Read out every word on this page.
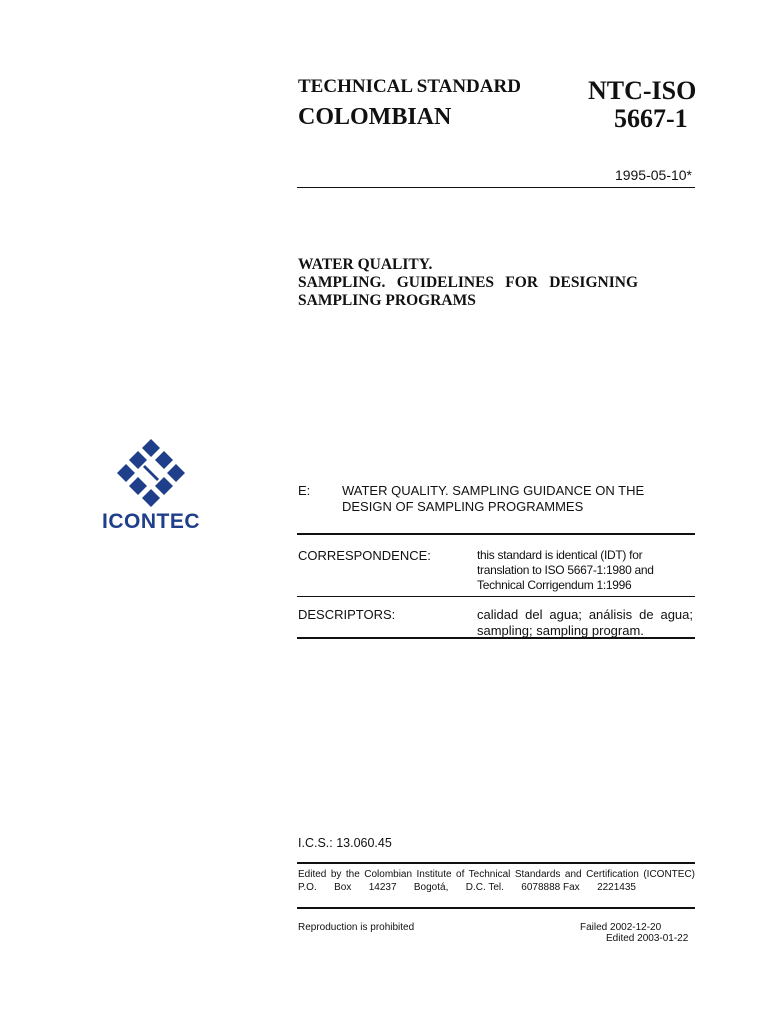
TECHNICAL STANDARD
COLOMBIAN
NTC-ISO
5667-1
1995-05-10*
WATER QUALITY.
SAMPLING. GUIDELINES FOR DESIGNING
SAMPLING PROGRAMS
ICONTEC
E: WATER QUALITY. SAMPLING GUIDANCE ON THE DESIGN OF SAMPLING PROGRAMMES
CORRESPONDENCE:	this standard is identical (IDT) for
translation to ISO 5667-1:1980 and
Technical Corrigendum 1:1996
DESCRIPTORS:	calidad del agua; análisis de agua; sampling; sampling program.
I.C.S.: 13.060.45
Edited by the Colombian Institute of Technical Standards and Certification (ICONTEC)
P.O. Box 14237 Bogotá, D.C. Tel. 6078888 Fax 2221435
Reproduction is prohibited	Failed 2002-12-20
Edited 2003-01-22
